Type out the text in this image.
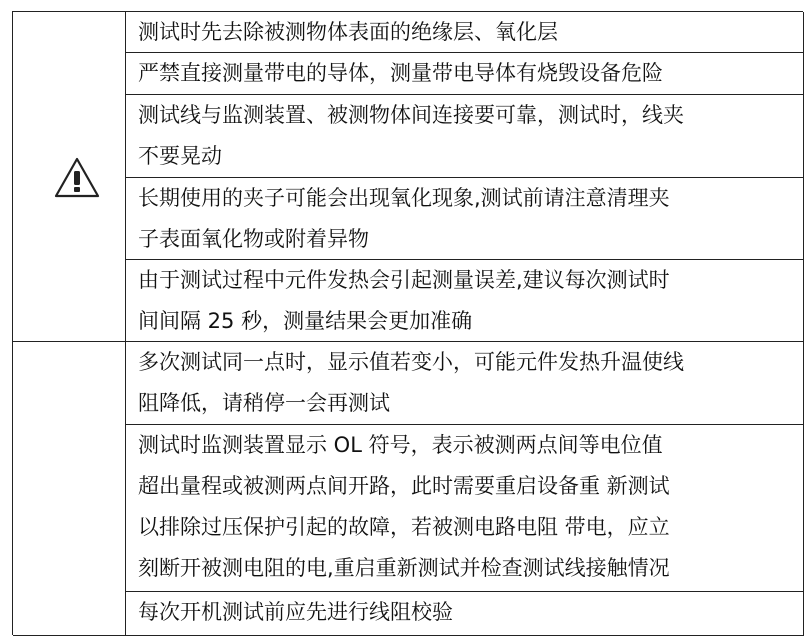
测试时先去除被测物体表面的绝缘层、氧化层
严禁直接测量带电的导体，测量带电导体有烧毁设备危险
测试线与监测装置、被测物体间连接要可靠，测试时，线夹
不要晃动
长期使用的夹子可能会出现氧化现象,测试前请注意清理夹
子表面氧化物或附着异物
由于测试过程中元件发热会引起测量误差,建议每次测试时
间间隔 25 秒，测量结果会更加准确
多次测试同一点时，显示值若变小，可能元件发热升温使线
阻降低，请稍停一会再测试
测试时监测装置显示 OL 符号，表示被测两点间等电位值
超出量程或被测两点间开路，此时需要重启设备重 新测试
以排除过压保护引起的故障，若被测电路电阻 带电，应立
刻断开被测电阻的电,重启重新测试并检查测试线接触情况
每次开机测试前应先进行线阻校验
